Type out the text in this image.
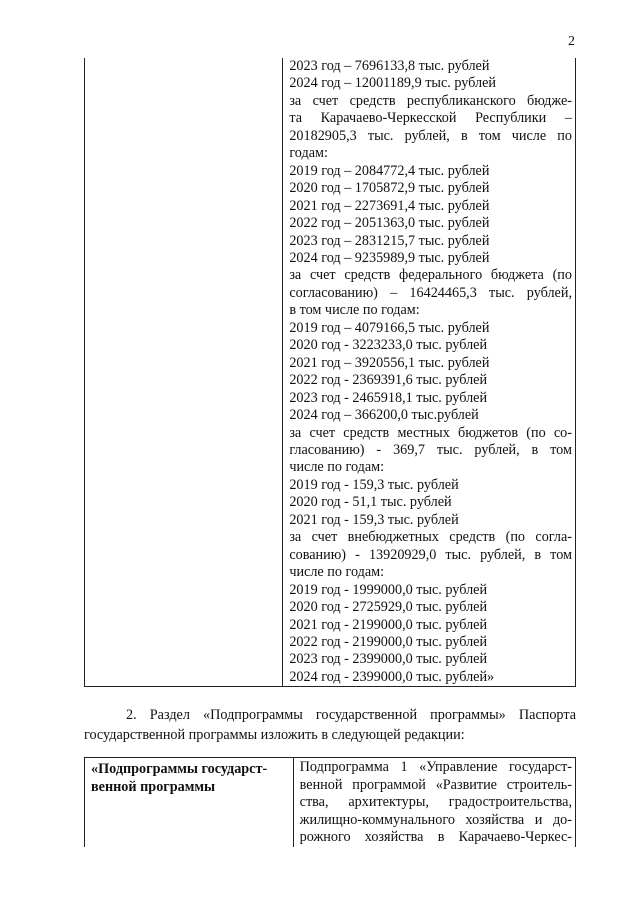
2

2023 год – 7696133,8 тыс. рублей
2024 год – 12001189,9 тыс. рублей
за счет средств республиканского бюдже-
та Карачаево-Черкесской Республики –
20182905,3 тыс. рублей, в том числе по
годам:
2019 год – 2084772,4 тыс. рублей
2020 год – 1705872,9 тыс. рублей
2021 год – 2273691,4 тыс. рублей
2022 год – 2051363,0 тыс. рублей
2023 год – 2831215,7 тыс. рублей
2024 год – 9235989,9 тыс. рублей
за счет средств федерального бюджета (по
согласованию) – 16424465,3 тыс. рублей,
в том числе по годам:
2019 год – 4079166,5 тыс. рублей
2020 год - 3223233,0 тыс. рублей
2021 год – 3920556,1 тыс. рублей
2022 год - 2369391,6 тыс. рублей
2023 год - 2465918,1 тыс. рублей
2024 год – 366200,0 тыс.рублей
за счет средств местных бюджетов (по со-
гласованию) - 369,7 тыс. рублей, в том
числе по годам:
2019 год - 159,3 тыс. рублей
2020 год - 51,1 тыс. рублей
2021 год - 159,3 тыс. рублей
за счет внебюджетных средств (по согла-
сованию) - 13920929,0 тыс. рублей, в том
числе по годам:
2019 год - 1999000,0 тыс. рублей
2020 год - 2725929,0 тыс. рублей
2021 год - 2199000,0 тыс. рублей
2022 год - 2199000,0 тыс. рублей
2023 год - 2399000,0 тыс. рублей
2024 год - 2399000,0 тыс. рублей»
2. Раздел «Подпрограммы государственной программы» Паспорта
государственной программы изложить в следующей редакции:
«Подпрограммы государст-
венной программы

Подпрограмма 1 «Управление государст-
венной программой «Развитие строитель-
ства, архитектуры, градостроительства,
жилищно-коммунального хозяйства и до-
рожного хозяйства в Карачаево-Черкес-
